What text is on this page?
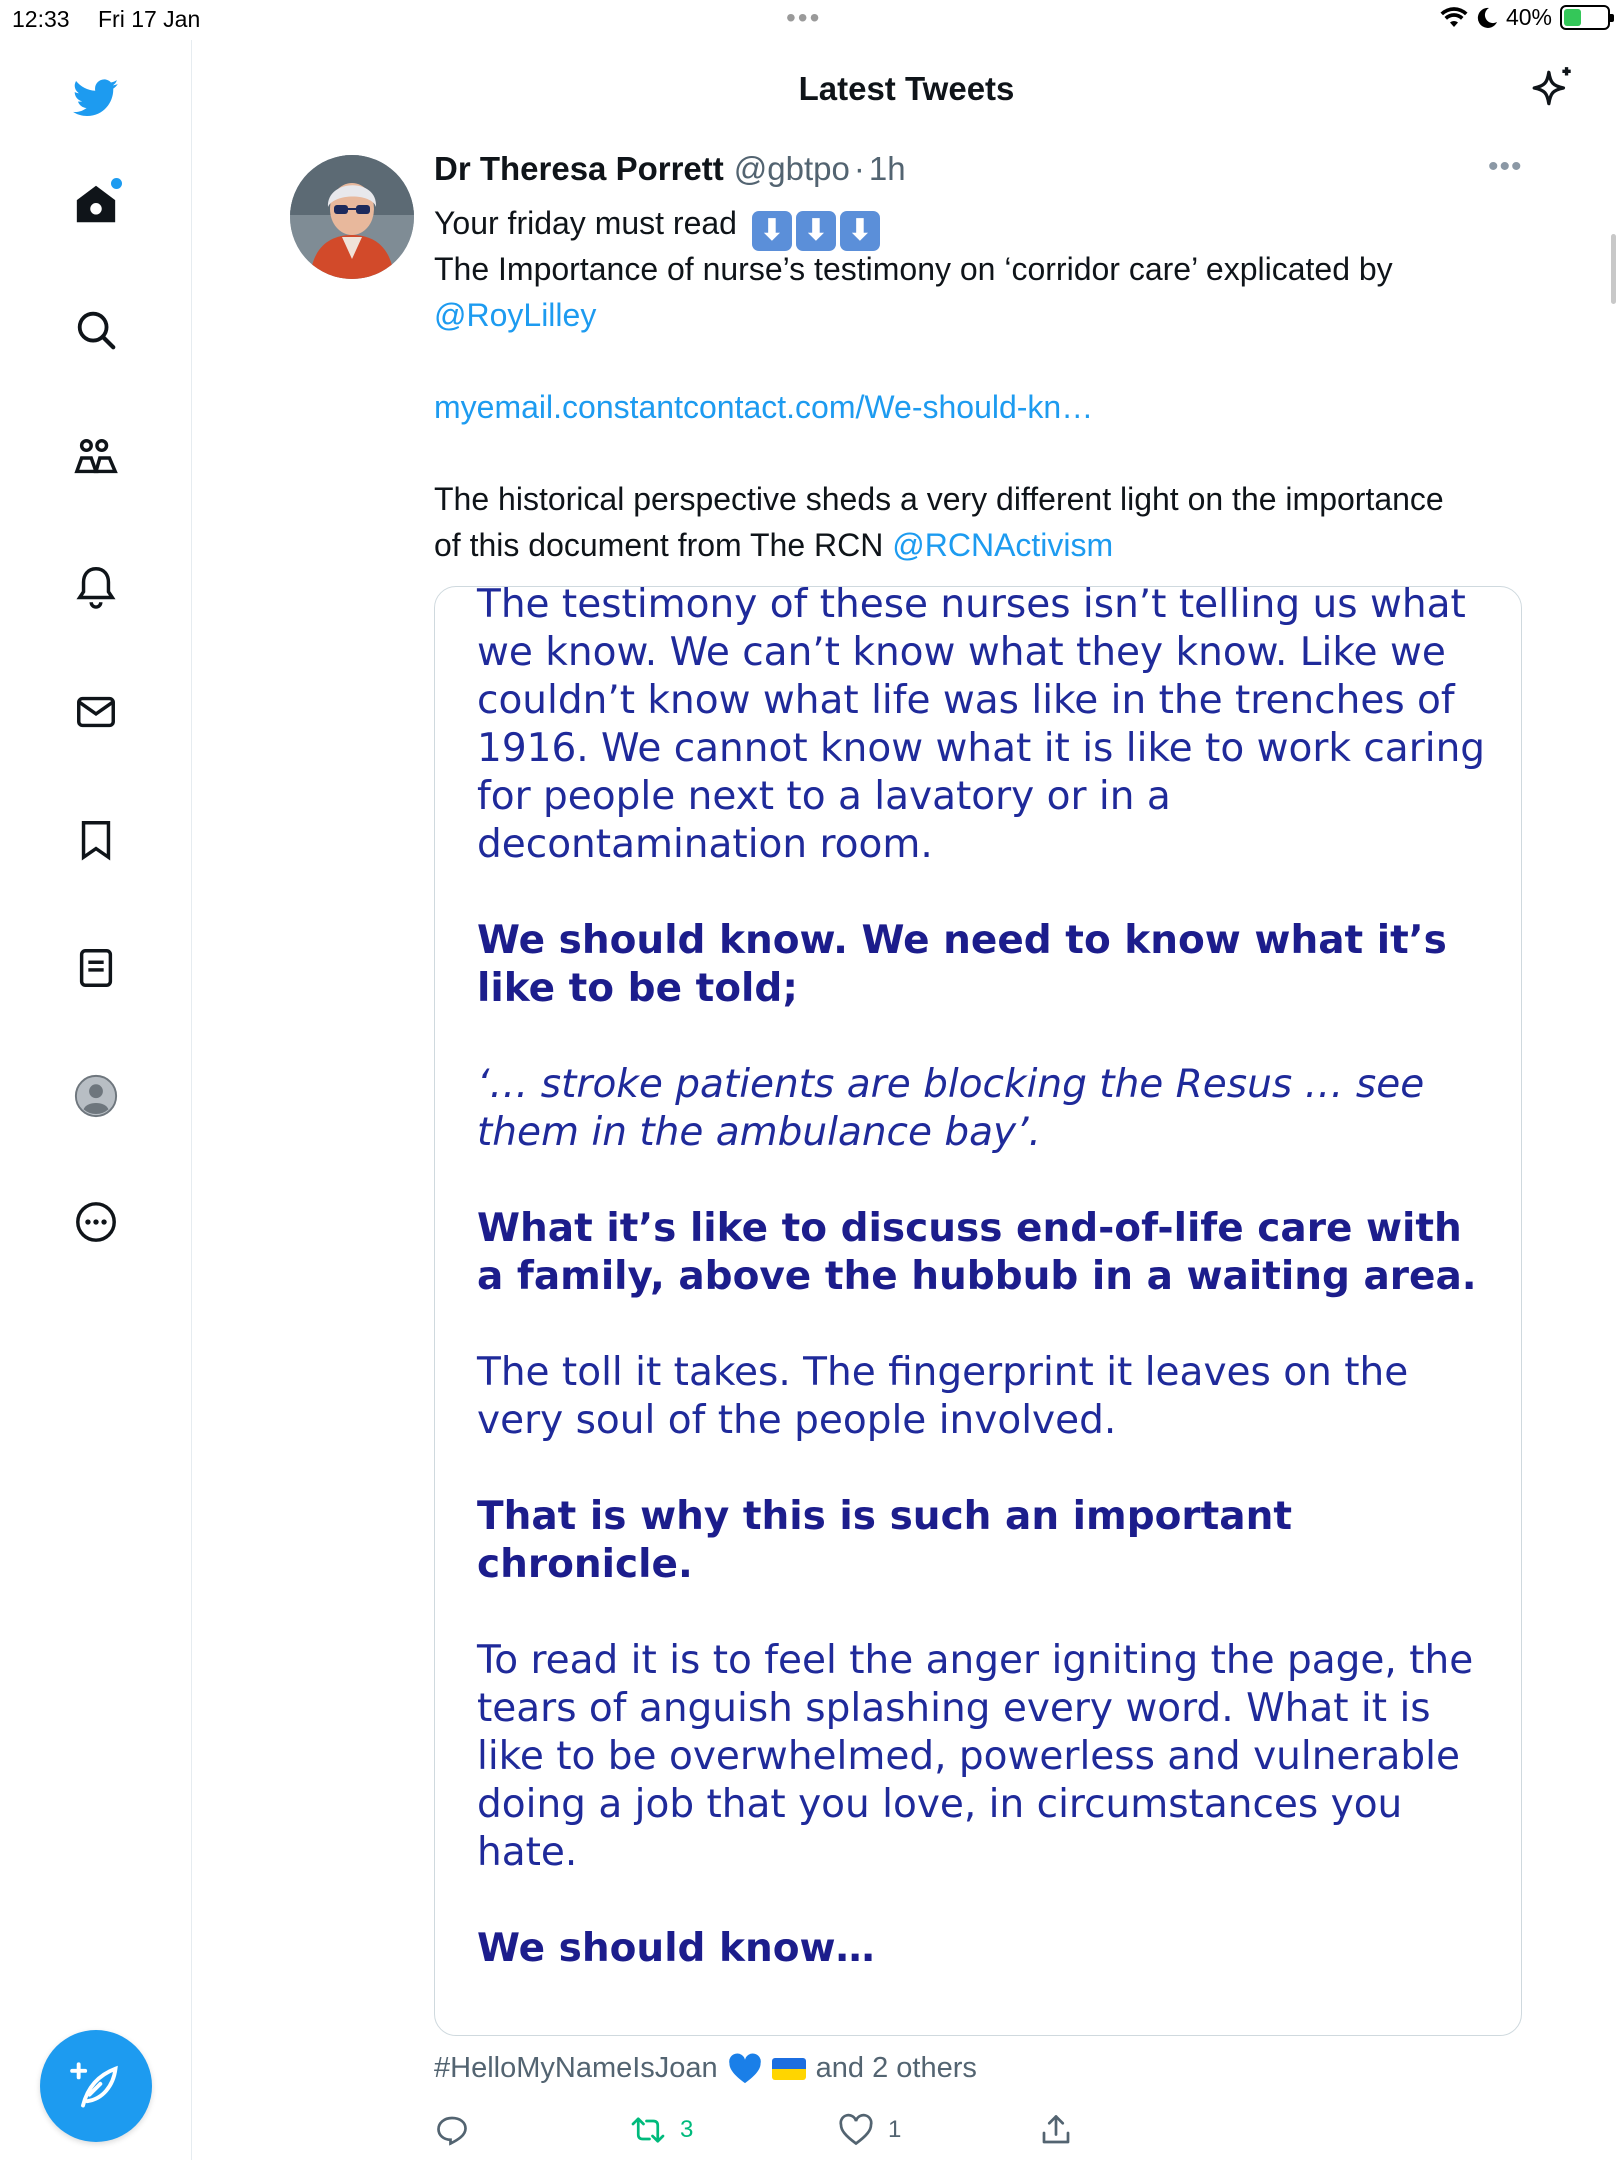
12:33 Fri 17 Jan	•••	40%
Latest Tweets
Dr Theresa Porrett @gbtpo · 1h	•••
Your friday must read ⬇ ⬇ ⬇
The Importance of nurse’s testimony on ‘corridor care’ explicated by
@RoyLilley
myemail.constantcontact.com/We-should-kn…
The historical perspective sheds a very different light on the importance
of this document from The RCN @RCNActivism
The testimony of these nurses isn’t telling us what we know. We can’t know what they know. Like we couldn’t know what life was like in the trenches of 1916. We cannot know what it is like to work caring for people next to a lavatory or in a decontamination room.
We should know. We need to know what it’s like to be told;
‘… stroke patients are blocking the Resus … see them in the ambulance bay’.
What it’s like to discuss end-of-life care with a family, above the hubbub in a waiting area.
The toll it takes. The fingerprint it leaves on the very soul of the people involved.
That is why this is such an important chronicle.
To read it is to feel the anger igniting the page, the tears of anguish splashing every word. What it is like to be overwhelmed, powerless and vulnerable doing a job that you love, in circumstances you hate.
We should know…
#HelloMyNameIsJoan	and 2 others
3	1
